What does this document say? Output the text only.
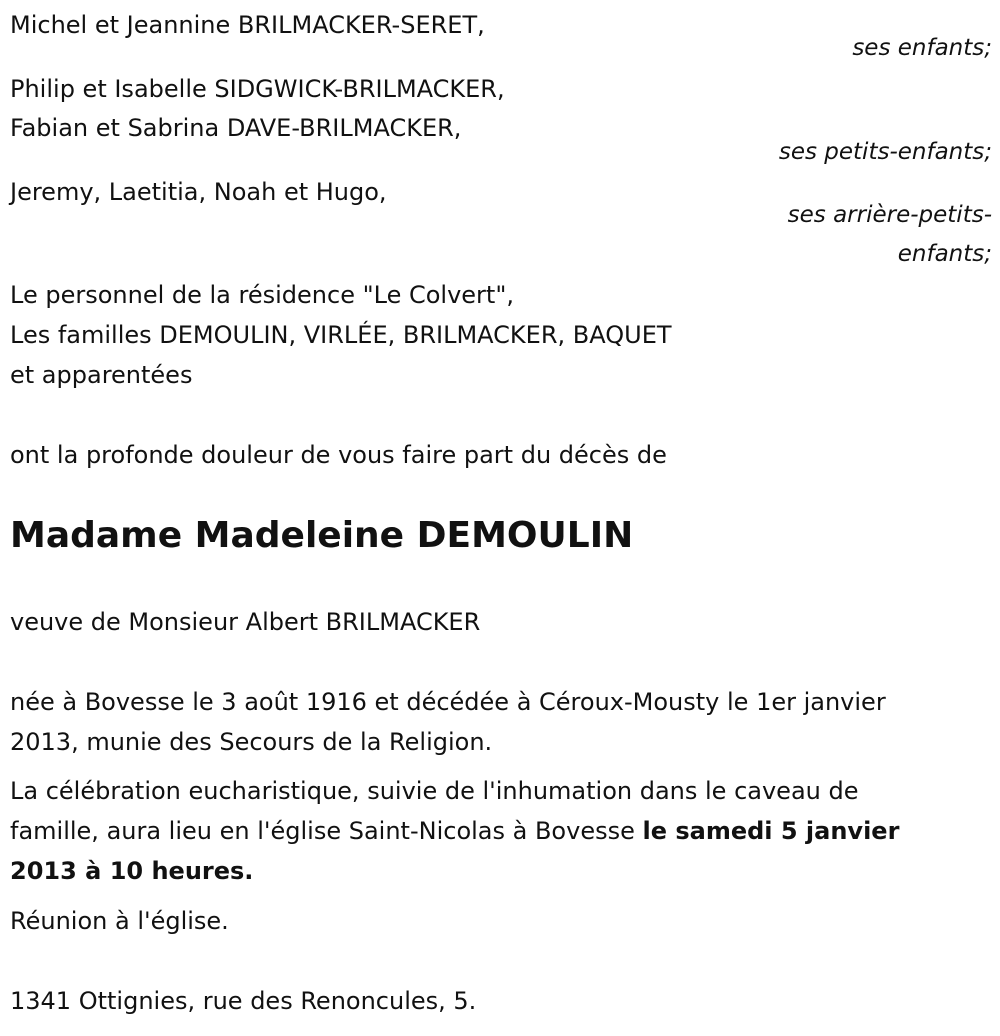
Michel et Jeannine BRILMACKER-SERET,

ses enfants;

Philip et Isabelle SIDGWICK-BRILMACKER,

Fabian et Sabrina DAVE-BRILMACKER,

ses petits-enfants;

Jeremy, Laetitia, Noah et Hugo,

ses arrière-petits-
enfants;

Le personnel de la résidence "Le Colvert",

Les familles DEMOULIN, VIRLÉE, BRILMACKER, BAQUET

et apparentées

ont la profonde douleur de vous faire part du décès de

Madame Madeleine DEMOULIN

veuve de Monsieur Albert BRILMACKER

née à Bovesse le 3 août 1916 et décédée à Céroux-Mousty le 1er janvier

2013, munie des Secours de la Religion.

La célébration eucharistique, suivie de l'inhumation dans le caveau de

famille, aura lieu en l'église Saint-Nicolas à Bovesse le samedi 5 janvier

2013 à 10 heures.

Réunion à l'église.

1341 Ottignies, rue des Renoncules, 5.
